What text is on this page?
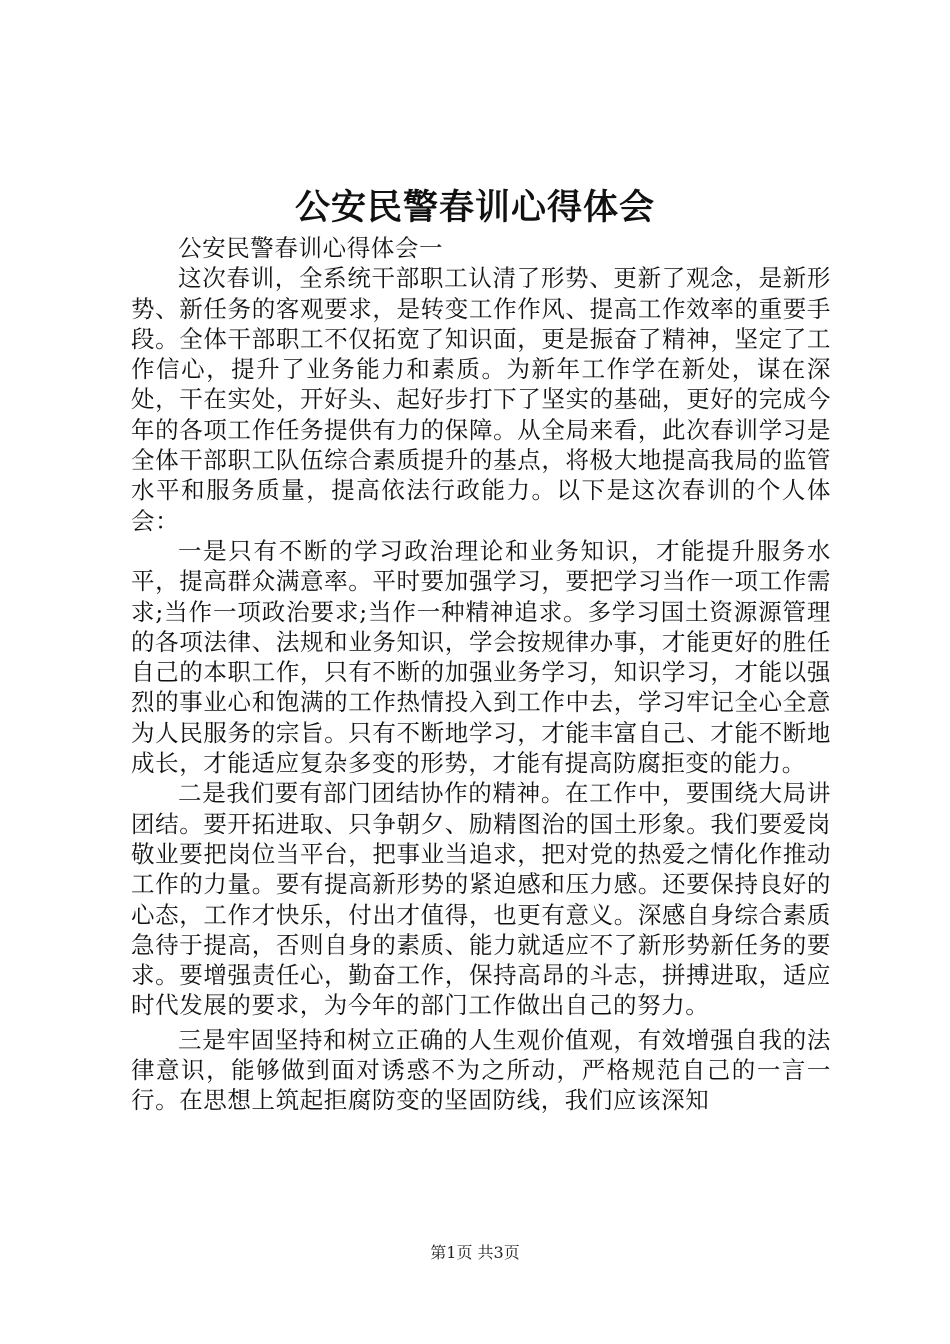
公安民警春训心得体会

公安民警春训心得体会一

这次春训，全系统干部职工认清了形势、更新了观念，是新形势、新任务的客观要求，是转变工作作风、提高工作效率的重要手段。全体干部职工不仅拓宽了知识面，更是振奋了精神，坚定了工作信心，提升了业务能力和素质。为新年工作学在新处，谋在深处，干在实处，开好头、起好步打下了坚实的基础，更好的完成今年的各项工作任务提供有力的保障。从全局来看，此次春训学习是全体干部职工队伍综合素质提升的基点，将极大地提高我局的监管水平和服务质量，提高依法行政能力。以下是这次春训的个人体会：

一是只有不断的学习政治理论和业务知识，才能提升服务水平，提高群众满意率。平时要加强学习，要把学习当作一项工作需求;当作一项政治要求;当作一种精神追求。多学习国土资源源管理的各项法律、法规和业务知识，学会按规律办事，才能更好的胜任自己的本职工作，只有不断的加强业务学习，知识学习，才能以强烈的事业心和饱满的工作热情投入到工作中去，学习牢记全心全意为人民服务的宗旨。只有不断地学习，才能丰富自己、才能不断地成长，才能适应复杂多变的形势，才能有提高防腐拒变的能力。

二是我们要有部门团结协作的精神。在工作中，要围绕大局讲团结。要开拓进取、只争朝夕、励精图治的国土形象。我们要爱岗敬业要把岗位当平台，把事业当追求，把对党的热爱之情化作推动工作的力量。要有提高新形势的紧迫感和压力感。还要保持良好的心态，工作才快乐，付出才值得，也更有意义。深感自身综合素质急待于提高，否则自身的素质、能力就适应不了新形势新任务的要求。要增强责任心，勤奋工作，保持高昂的斗志，拼搏进取，适应时代发展的要求，为今年的部门工作做出自己的努力。

三是牢固坚持和树立正确的人生观价值观，有效增强自我的法律意识，能够做到面对诱惑不为之所动，严格规范自己的一言一行。在思想上筑起拒腐防变的坚固防线，我们应该深知

第1页 共3页
